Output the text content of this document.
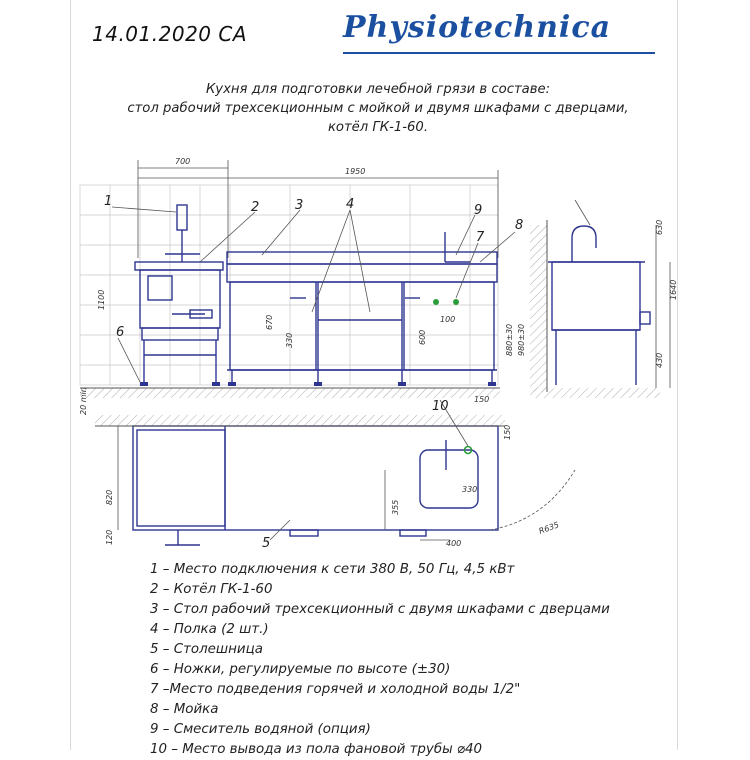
14.01.2020 CA	Physiotechnica
Кухня для подготовки лечебной грязи в составе:
стол рабочий трехсекционным с мойкой и двумя шкафами с дверцами,
котёл ГК-1-60.
1	2	3	4
5
6
7
8
9
10
700
1950
1100
670
330	600	880±30 980±30
100
630
1640
430
20 min	150
150
820
355
330
120	400
R635
1 – Место подключения к сети 380 В, 50 Гц, 4,5 кВт
2 – Котёл ГК-1-60
3 – Стол рабочий трехсекционный с двумя шкафами с дверцами
4 – Полка (2 шт.)
5 – Столешница
6 – Ножки, регулируемые по высоте (±30)
7 –Место подведения горячей и холодной воды 1/2"
8 – Мойка
9 – Смеситель водяной (опция)
10 – Место вывода из пола фановой трубы ⌀40
